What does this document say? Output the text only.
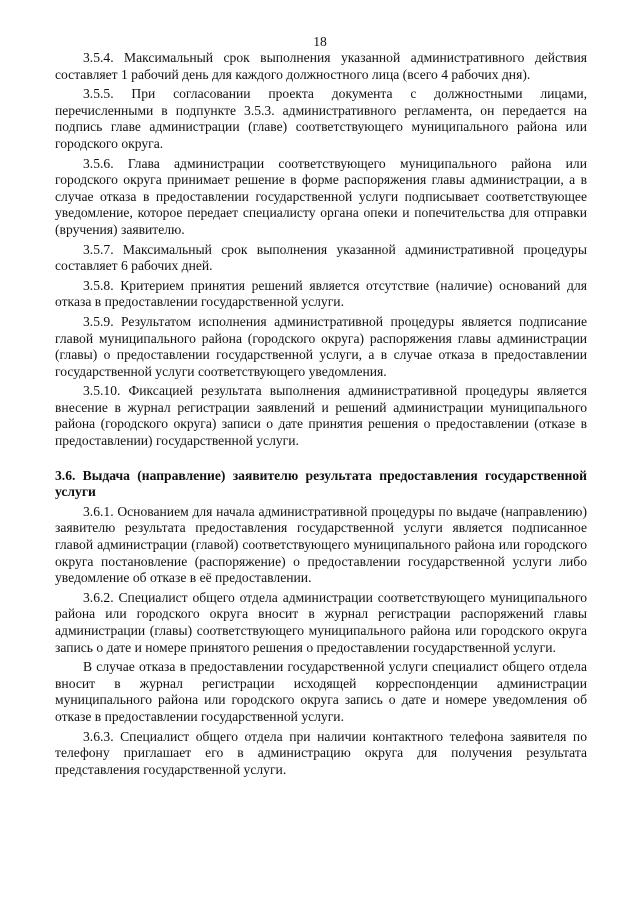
18

3.5.4. Максимальный срок выполнения указанной административного действия составляет 1 рабочий день для каждого должностного лица (всего 4 рабочих дня).

3.5.5. При согласовании проекта документа с должностными лицами, перечисленными в подпункте 3.5.3. административного регламента, он передается на подпись главе администрации (главе) соответствующего муниципального района или городского округа.

3.5.6. Глава администрации соответствующего муниципального района или городского округа принимает решение в форме распоряжения главы администрации, а в случае отказа в предоставлении государственной услуги подписывает соответствующее уведомление, которое передает специалисту органа опеки и попечительства для отправки (вручения) заявителю.

3.5.7. Максимальный срок выполнения указанной административной процедуры составляет 6 рабочих дней.

3.5.8. Критерием принятия решений является отсутствие (наличие) оснований для отказа в предоставлении государственной услуги.

3.5.9. Результатом исполнения административной процедуры является подписание главой муниципального района (городского округа) распоряжения главы администрации (главы) о предоставлении государственной услуги, а в случае отказа в предоставлении государственной услуги соответствующего уведомления.

3.5.10. Фиксацией результата выполнения административной процедуры является внесение в журнал регистрации заявлений и решений администрации муниципального района (городского округа) записи о дате принятия решения о предоставлении (отказе в предоставлении) государственной услуги.

3.6. Выдача (направление) заявителю результата предоставления государственной услуги

3.6.1. Основанием для начала административной процедуры по выдаче (направлению) заявителю результата предоставления государственной услуги является подписанное главой администрации (главой) соответствующего муниципального района или городского округа постановление (распоряжение) о предоставлении государственной услуги либо уведомление об отказе в её предоставлении.

3.6.2. Специалист общего отдела администрации соответствующего муниципального района или городского округа вносит в журнал регистрации распоряжений главы администрации (главы) соответствующего муниципального района или городского округа запись о дате и номере принятого решения о предоставлении государственной услуги.

В случае отказа в предоставлении государственной услуги специалист общего отдела вносит в журнал регистрации исходящей корреспонденции администрации муниципального района или городского округа запись о дате и номере уведомления об отказе в предоставлении государственной услуги.

3.6.3. Специалист общего отдела при наличии контактного телефона заявителя по телефону приглашает его в администрацию округа для получения результата представления государственной услуги.
